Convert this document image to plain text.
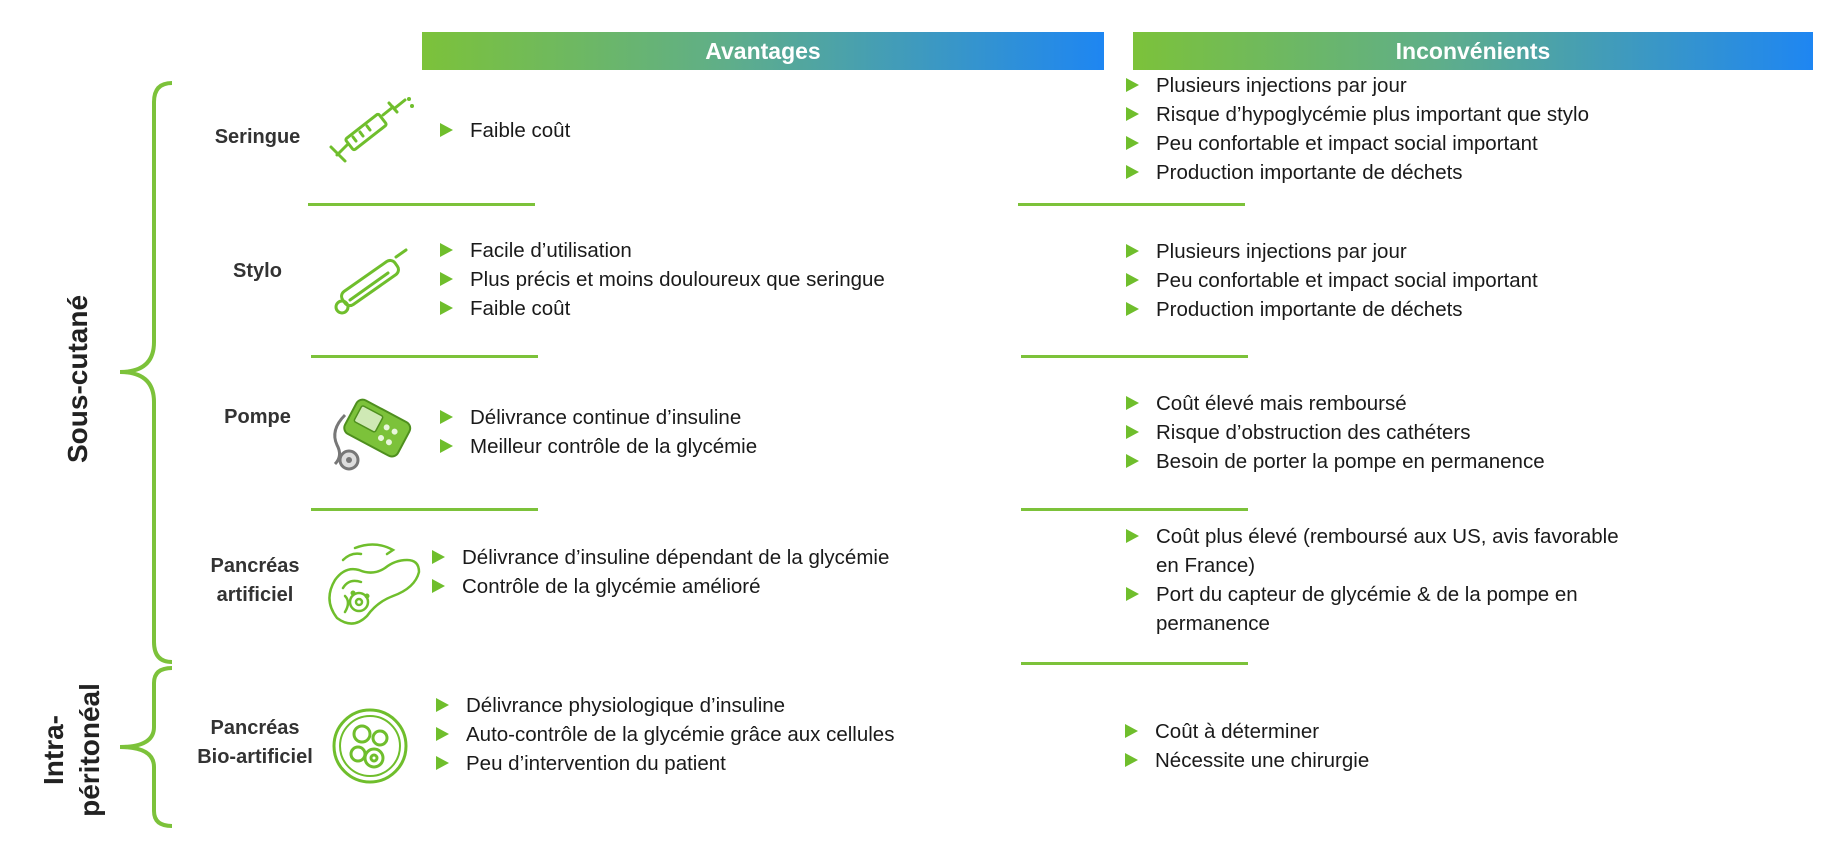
Avantages	Inconvénients
Sous-cutané
Intra-
péritonéal
Seringue
Stylo
Pompe
Pancréas
artificiel
Pancréas
Bio-artificiel
Faible coût
Facile d’utilisation
Plus précis et moins douloureux que seringue
Faible coût
Délivrance continue d’insuline
Meilleur contrôle de la glycémie
Délivrance d’insuline dépendant de la glycémie
Contrôle de la glycémie amélioré
Délivrance physiologique d’insuline
Auto-contrôle de la glycémie grâce aux cellules
Peu d’intervention du patient
Plusieurs injections par jour
Risque d’hypoglycémie plus important que stylo
Peu confortable et impact social important
Production importante de déchets
Plusieurs injections par jour
Peu confortable et impact social important
Production importante de déchets
Coût élevé mais remboursé
Risque d’obstruction des cathéters
Besoin de porter la pompe en permanence
Coût plus élevé (remboursé aux US, avis favorable en France)
Port du capteur de glycémie & de la pompe en permanence
Coût à déterminer
Nécessite une chirurgie
